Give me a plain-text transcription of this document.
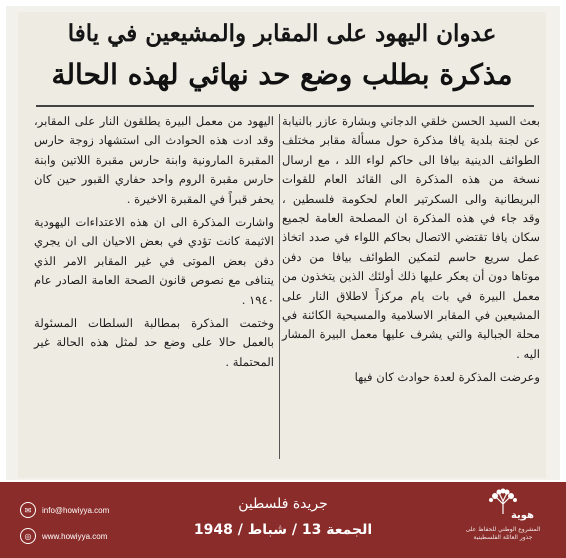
عدوان اليهود على المقابر والمشيعين في يافا
مذكرة بطلب وضع حد نهائي لهذه الحالة

بعث السيد الحسن خلقي الدجاني وبشارة عازر بالنيابة عن لجنة بلدية يافا مذكرة حول مسألة مقابر مختلف الطوائف الدينية بيافا الى حاكم لواء اللد ، مع ارسال نسخة من هذه المذكرة الى القائد العام للقوات البريطانية والى السكرتير العام لحكومة فلسطين ، وقد جاء في هذه المذكرة ان المصلحة العامة لجميع سكان يافا تقتضي الاتصال بحاكم اللواء في صدد اتخاذ عمل سريع حاسم لتمكين الطوائف بيافا من دفن موتاها دون أن يعكر عليها ذلك أولئك الذين يتخذون من معمل البيرة في بات يام مركزاً لاطلاق النار على المشيعين في المقابر الاسلامية والمسيحية الكائنة في محلة الجبالية والتي يشرف عليها معمل البيرة المشار اليه .

وعرضت المذكرة لعدة حوادث كان فيها

اليهود من معمل البيرة يطلقون النار على المقابر، وقد ادت هذه الحوادث الى استشهاد زوجة حارس المقبرة المارونية وابنة حارس مقبرة اللاتين وابنة حارس مقبرة الروم واحد حفاري القبور حين كان يحفر قبراً في المقبرة الاخيرة .

واشارت المذكرة الى ان هذه الاعتداءات اليهودية الاثيمة كانت تؤدي في بعض الاحيان الى ان يجري دفن بعض الموتى في غير المقابر الامر الذي يتنافى مع نصوص قانون الصحة العامة الصادر عام ١٩٤٠ .

وختمت المذكرة بمطالبة السلطات المسئولة بالعمل حالا على وضع حد لمثل هذه الحالة غير المحتملة .

هوية
المشروع الوطني للحفاظ على جذور العائلة الفلسطينية
جريدة فلسطين
الجمعة 13 / شباط / 1948
✉	info@howiyya.com
◎	www.howiyya.com
